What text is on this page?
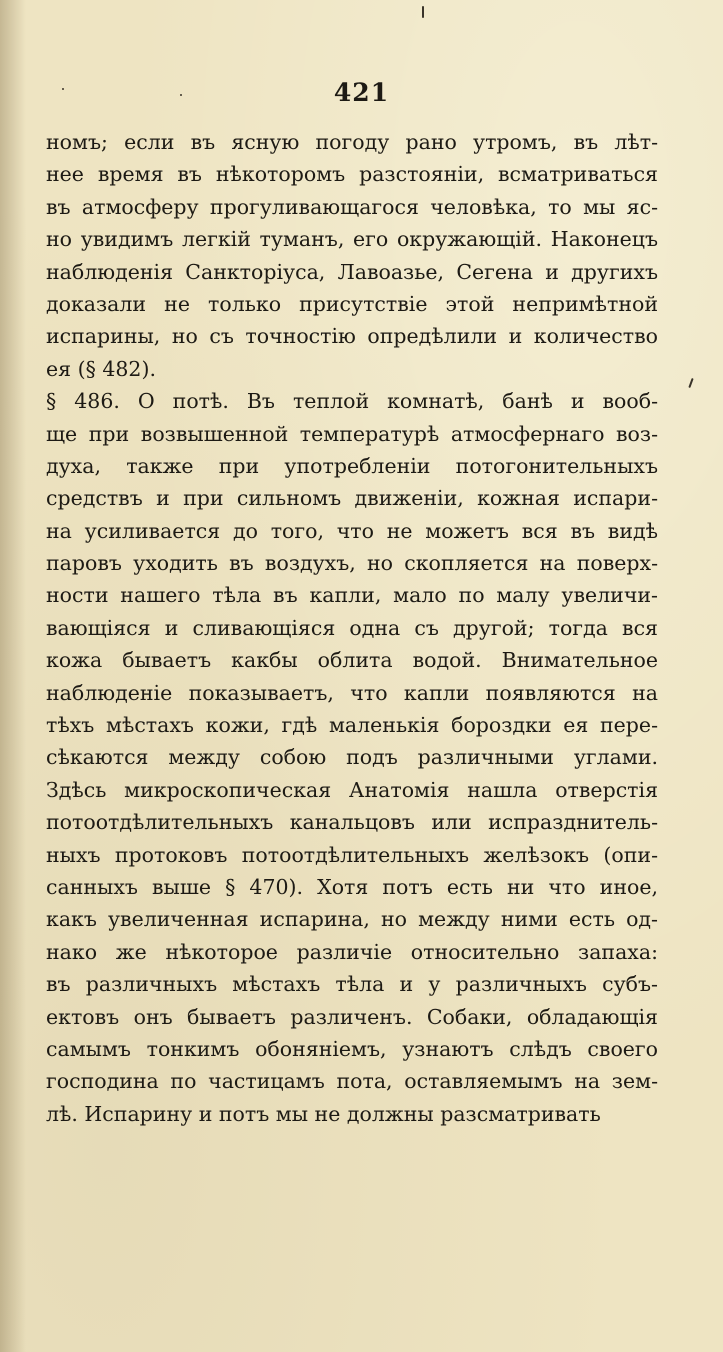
421
номъ; если въ ясную погоду рано утромъ, въ лѣт-
нее время въ нѣкоторомъ разстояніи, всматриваться
въ атмосферу прогуливающагося человѣка, то мы яс-
но увидимъ легкій туманъ, его окружающій. Наконецъ
наблюденія Санкторіуса, Лавоазье, Сегена и другихъ
доказали не только присутствіе этой непримѣтной
испарины, но съ точностію опредѣлили и количество
ея (§ 482).
§ 486. О потѣ. Въ теплой комнатѣ, банѣ и вооб-
ще при возвышенной температурѣ атмосфернаго воз-
духа, также при употребленіи потогонительныхъ
средствъ и при сильномъ движеніи, кожная испари-
на усиливается до того, что не можетъ вся въ видѣ
паровъ уходить въ воздухъ, но скопляется на поверх-
ности нашего тѣла въ капли, мало по малу увеличи-
вающіяся и сливающіяся одна съ другой; тогда вся
кожа бываетъ какбы облита водой. Внимательное
наблюденіе показываетъ, что капли появляются на
тѣхъ мѣстахъ кожи, гдѣ маленькія бороздки ея пере-
сѣкаются между собою подъ различными углами.
Здѣсь микроскопическая Анатомія нашла отверстія
потоотдѣлительныхъ канальцовъ или испразднитель-
ныхъ протоковъ потоотдѣлительныхъ желѣзокъ (опи-
санныхъ выше § 470). Хотя потъ есть ни что иное,
какъ увеличенная испарина, но между ними есть од-
нако же нѣкоторое различіе относительно запаха:
въ различныхъ мѣстахъ тѣла и у различныхъ субъ-
ектовъ онъ бываетъ различенъ. Собаки, обладающія
самымъ тонкимъ обоняніемъ, узнаютъ слѣдъ своего
господина по частицамъ пота, оставляемымъ на зем-
лѣ. Испарину и потъ мы не должны разсматривать
